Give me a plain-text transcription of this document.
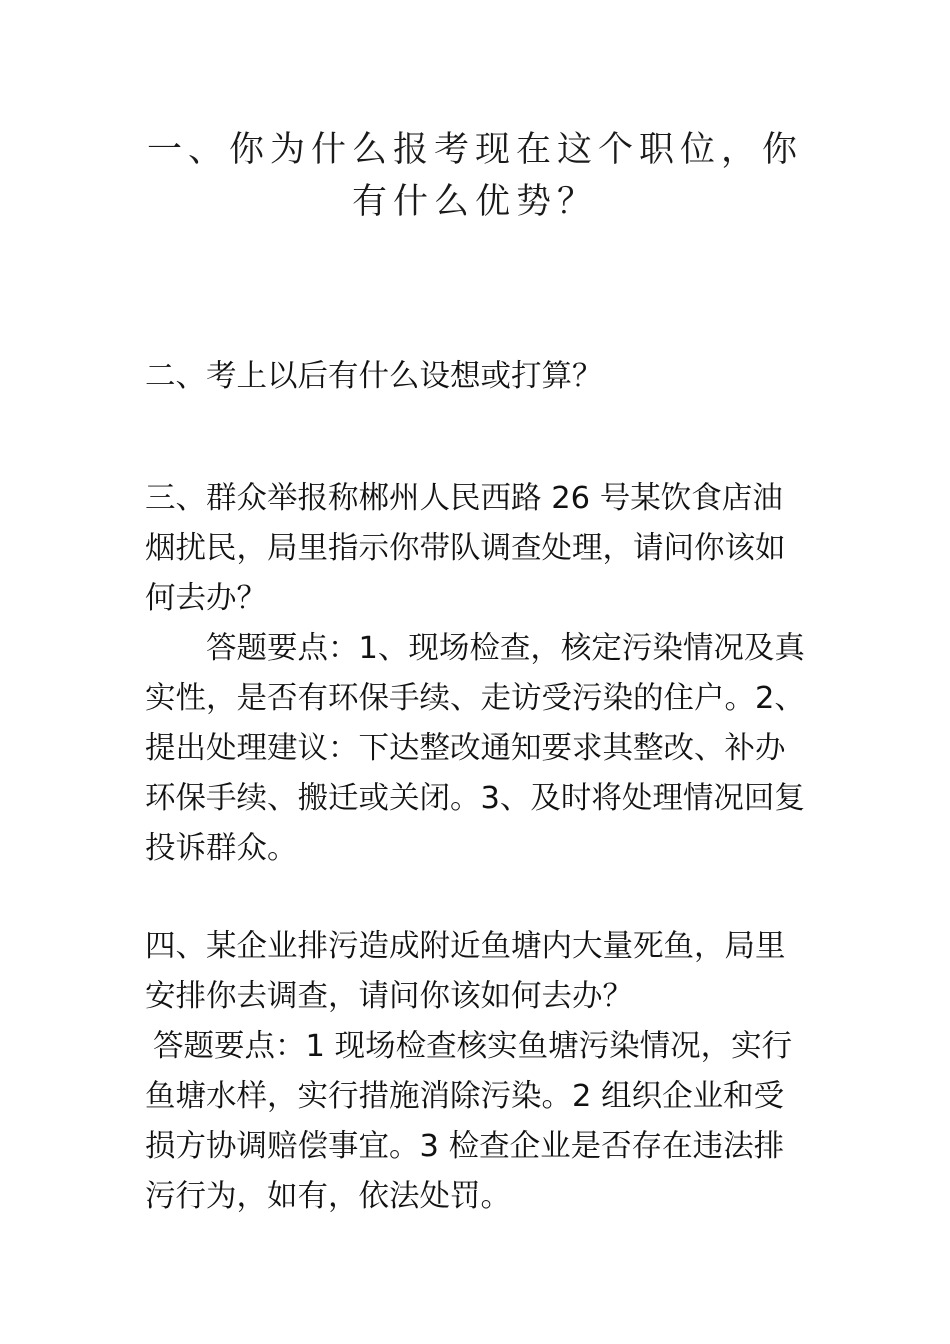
一、你为什么报考现在这个职位，你有什么优势？

二、考上以后有什么设想或打算？

三、群众举报称郴州人民西路 26 号某饮食店油烟扰民，局里指示你带队调查处理，请问你该如何去办？

答题要点：1、现场检查，核定污染情况及真实性，是否有环保手续、走访受污染的住户。2、提出处理建议：下达整改通知要求其整改、补办环保手续、搬迁或关闭。3、及时将处理情况回复投诉群众。

四、某企业排污造成附近鱼塘内大量死鱼，局里安排你去调查，请问你该如何去办？

答题要点：1 现场检查核实鱼塘污染情况，实行鱼塘水样，实行措施消除污染。2 组织企业和受损方协调赔偿事宜。3 检查企业是否存在违法排污行为，如有，依法处罚。
